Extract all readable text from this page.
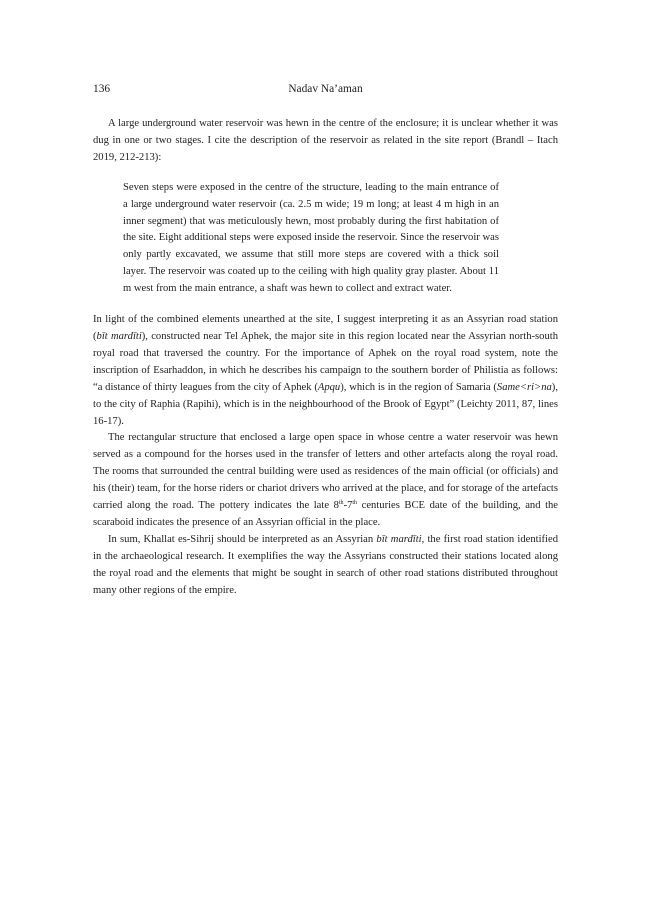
136	Nadav Na’aman

A large underground water reservoir was hewn in the centre of the enclosure; it is unclear whether it was dug in one or two stages. I cite the description of the reservoir as related in the site report (Brandl – Itach 2019, 212-213):

Seven steps were exposed in the centre of the structure, leading to the main entrance of a large underground water reservoir (ca. 2.5 m wide; 19 m long; at least 4 m high in an inner segment) that was meticulously hewn, most probably during the first habitation of the site. Eight additional steps were exposed inside the reservoir. Since the reservoir was only partly excavated, we assume that still more steps are covered with a thick soil layer. The reservoir was coated up to the ceiling with high quality gray plaster. About 11 m west from the main entrance, a shaft was hewn to collect and extract water.

In light of the combined elements unearthed at the site, I suggest interpreting it as an Assyrian road station (bīt mardīti), constructed near Tel Aphek, the major site in this region located near the Assyrian north-south royal road that traversed the country. For the importance of Aphek on the royal road system, note the inscription of Esarhaddon, in which he describes his campaign to the southern border of Philistia as follows: “a distance of thirty leagues from the city of Aphek (Apqu), which is in the region of Samaria (Same<ri>na), to the city of Raphia (Rapihi), which is in the neighbourhood of the Brook of Egypt” (Leichty 2011, 87, lines 16-17).

The rectangular structure that enclosed a large open space in whose centre a water reservoir was hewn served as a compound for the horses used in the transfer of letters and other artefacts along the royal road. The rooms that surrounded the central building were used as residences of the main official (or officials) and his (their) team, for the horse riders or chariot drivers who arrived at the place, and for storage of the artefacts carried along the road. The pottery indicates the late 8th-7th centuries BCE date of the building, and the scaraboid indicates the presence of an Assyrian official in the place.

In sum, Khallat es-Sihrij should be interpreted as an Assyrian bīt mardīti, the first road station identified in the archaeological research. It exemplifies the way the Assyrians constructed their stations located along the royal road and the elements that might be sought in search of other road stations distributed throughout many other regions of the empire.
